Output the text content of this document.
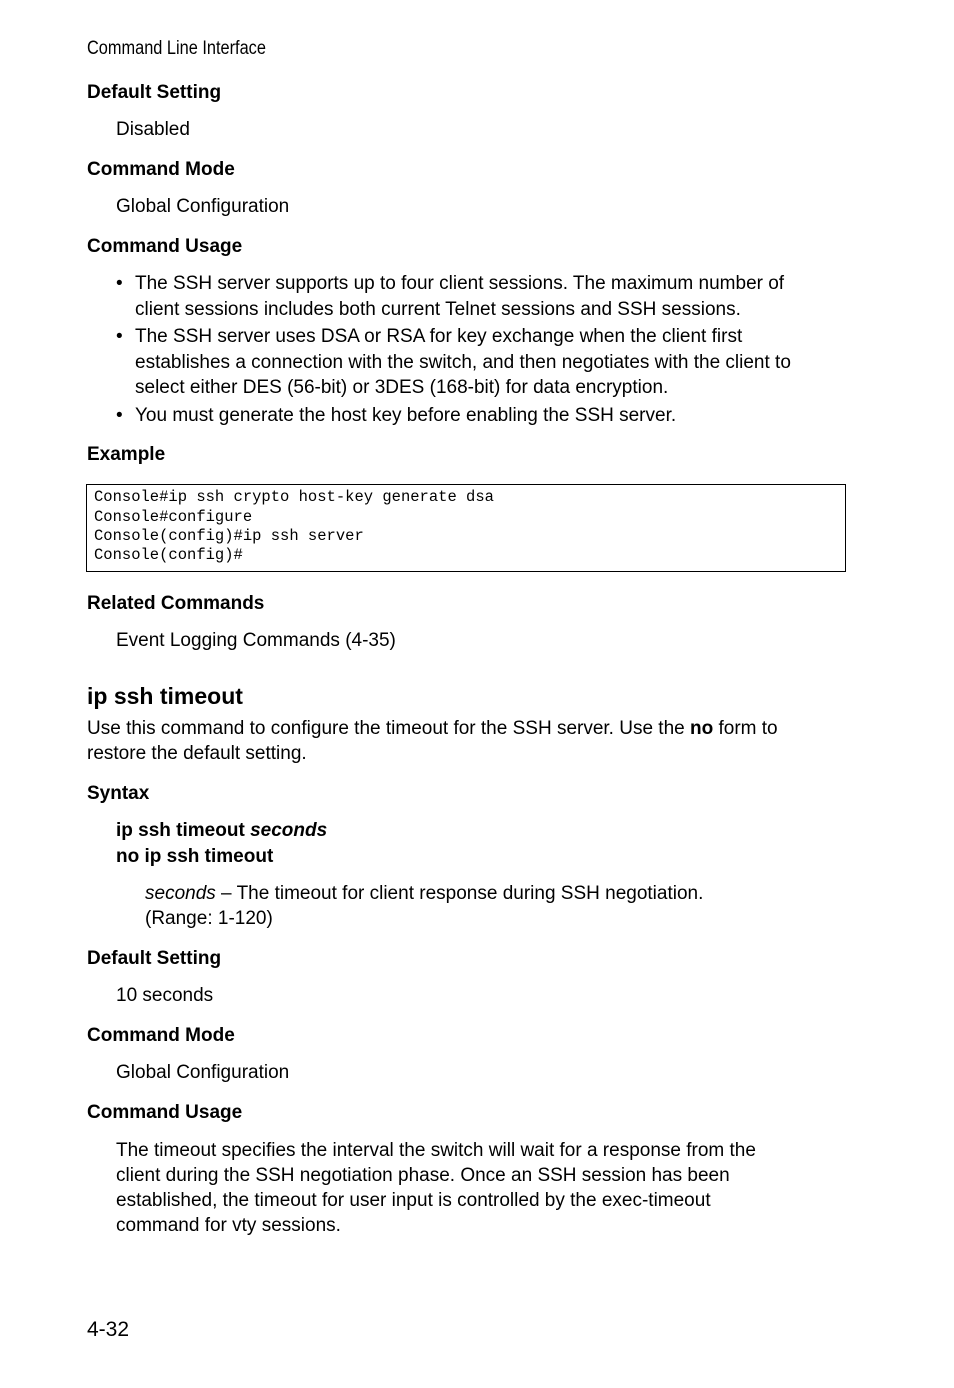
Command Line Interface
Default Setting
Disabled
Command Mode
Global Configuration
Command Usage
• The SSH server supports up to four client sessions. The maximum number of
client sessions includes both current Telnet sessions and SSH sessions.
• The SSH server uses DSA or RSA for key exchange when the client first
establishes a connection with the switch, and then negotiates with the client to
select either DES (56-bit) or 3DES (168-bit) for data encryption.
• You must generate the host key before enabling the SSH server.
Example
Console#ip ssh crypto host-key generate dsa
Console#configure
Console(config)#ip ssh server
Console(config)#
Related Commands
Event Logging Commands (4-35)
ip ssh timeout
Use this command to configure the timeout for the SSH server. Use the no form to
restore the default setting.
Syntax
ip ssh timeout seconds
no ip ssh timeout
seconds – The timeout for client response during SSH negotiation.
(Range: 1-120)
Default Setting
10 seconds
Command Mode
Global Configuration
Command Usage
The timeout specifies the interval the switch will wait for a response from the
client during the SSH negotiation phase. Once an SSH session has been
established, the timeout for user input is controlled by the exec-timeout
command for vty sessions.
4-32
